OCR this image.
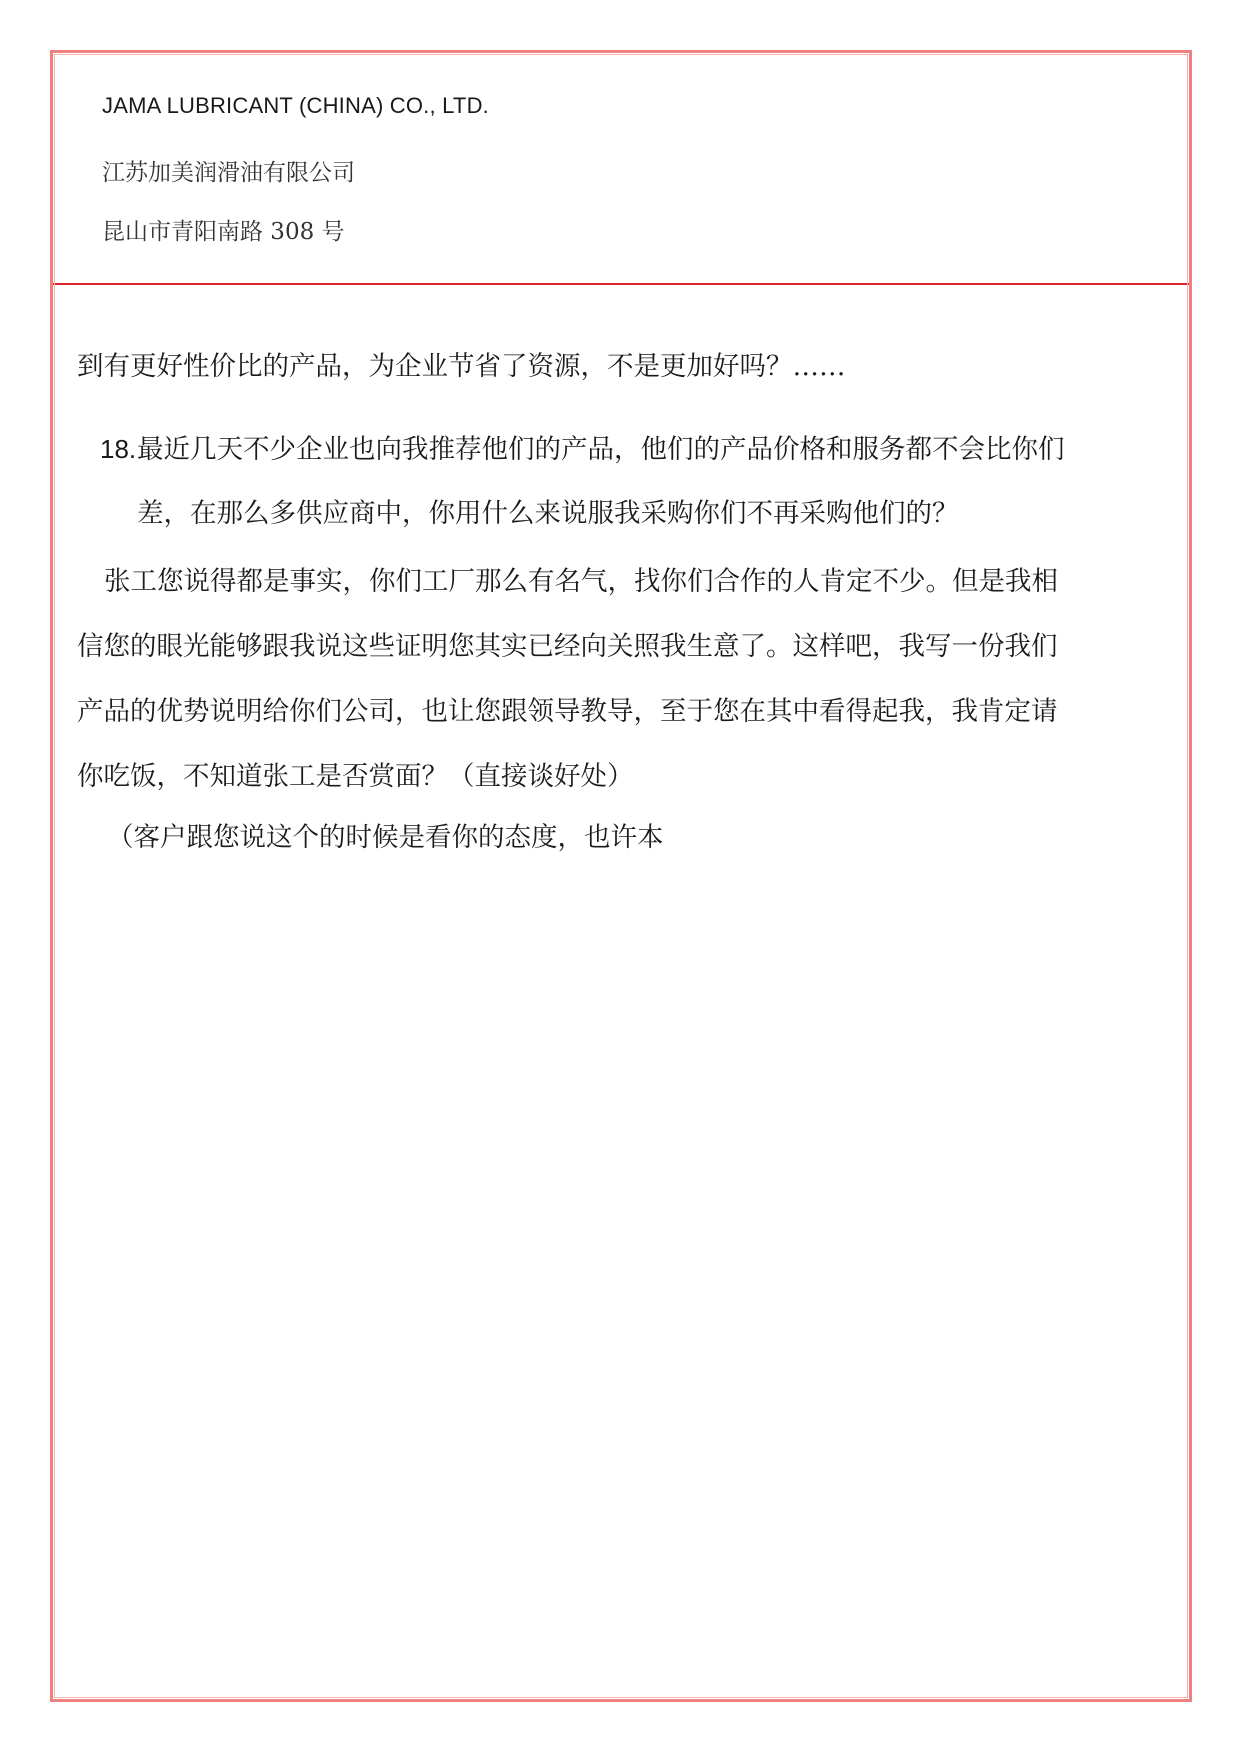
JAMA LUBRICANT (CHINA) CO., LTD.
江苏加美润滑油有限公司
昆山市青阳南路 308 号
到有更好性价比的产品，为企业节省了资源，不是更加好吗？……
18. 最近几天不少企业也向我推荐他们的产品，他们的产品价格和服务都不会比你们
差，在那么多供应商中，你用什么来说服我采购你们不再采购他们的？
张工您说得都是事实，你们工厂那么有名气，找你们合作的人肯定不少。但是我相
信您的眼光能够跟我说这些证明您其实已经向关照我生意了。这样吧，我写一份我们
产品的优势说明给你们公司，也让您跟领导教导，至于您在其中看得起我，我肯定请
你吃饭，不知道张工是否赏面？（直接谈好处）
（客户跟您说这个的时候是看你的态度，也许本
